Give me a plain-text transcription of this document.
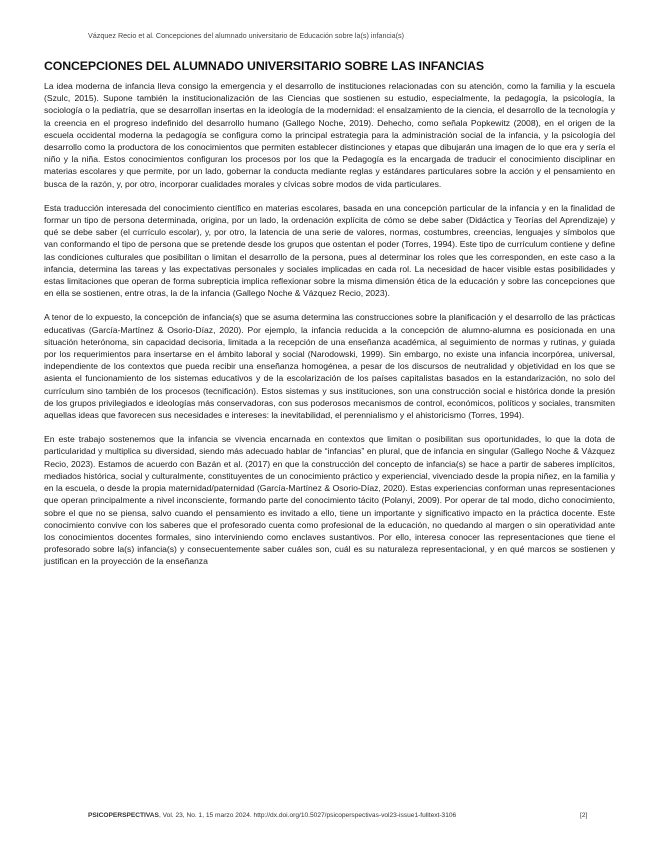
Vázquez Recio et al. Concepciones del alumnado universitario de Educación sobre la(s) infancia(s)
CONCEPCIONES DEL ALUMNADO UNIVERSITARIO SOBRE LAS INFANCIAS

La idea moderna de infancia lleva consigo la emergencia y el desarrollo de instituciones relacionadas con su atención, como la familia y la escuela (Szulc, 2015). Supone también la institucionalización de las Ciencias que sostienen su estudio, especialmente, la pedagogía, la psicología, la sociología o la pediatría, que se desarrollan insertas en la ideología de la modernidad: el ensalzamiento de la ciencia, el desarrollo de la tecnología y la creencia en el progreso indefinido del desarrollo humano (Gallego Noche, 2019). Dehecho, como señala Popkewitz (2008), en el origen de la escuela occidental moderna la pedagogía se configura como la principal estrategia para la administración social de la infancia, y la psicología del desarrollo como la productora de los conocimientos que permiten establecer distinciones y etapas que dibujarán una imagen de lo que era y sería el niño y la niña. Estos conocimientos configuran los procesos por los que la Pedagogía es la encargada de traducir el conocimiento disciplinar en materias escolares y que permite, por un lado, gobernar la conducta mediante reglas y estándares particulares sobre la acción y el pensamiento en busca de la razón, y, por otro, incorporar cualidades morales y cívicas sobre modos de vida particulares.

Esta traducción interesada del conocimiento científico en materias escolares, basada en una concepción particular de la infancia y en la finalidad de formar un tipo de persona determinada, origina, por un lado, la ordenación explícita de cómo se debe saber (Didáctica y Teorías del Aprendizaje) y qué se debe saber (el currículo escolar), y, por otro, la latencia de una serie de valores, normas, costumbres, creencias, lenguajes y símbolos que van conformando el tipo de persona que se pretende desde los grupos que ostentan el poder (Torres, 1994). Este tipo de currículum contiene y define las condiciones culturales que posibilitan o limitan el desarrollo de la persona, pues al determinar los roles que les corresponden, en este caso a la infancia, determina las tareas y las expectativas personales y sociales implicadas en cada rol. La necesidad de hacer visible estas posibilidades y estas limitaciones que operan de forma subrepticia implica reflexionar sobre la misma dimensión ética de la educación y sobre las concepciones que en ella se sostienen, entre otras, la de la infancia (Gallego Noche & Vázquez Recio, 2023).

A tenor de lo expuesto, la concepción de infancia(s) que se asuma determina las construcciones sobre la planificación y el desarrollo de las prácticas educativas (García-Martínez & Osorio-Díaz, 2020). Por ejemplo, la infancia reducida a la concepción de alumno-alumna es posicionada en una situación heterónoma, sin capacidad decisoria, limitada a la recepción de una enseñanza académica, al seguimiento de normas y rutinas, y guiada por los requerimientos para insertarse en el ámbito laboral y social (Narodowski, 1999). Sin embargo, no existe una infancia incorpórea, universal, independiente de los contextos que pueda recibir una enseñanza homogénea, a pesar de los discursos de neutralidad y objetividad en los que se asienta el funcionamiento de los sistemas educativos y de la escolarización de los países capitalistas basados en la estandarización, no solo del currículum sino también de los procesos (tecnificación). Estos sistemas y sus instituciones, son una construcción social e histórica donde la presión de los grupos privilegiados e ideologías más conservadoras, con sus poderosos mecanismos de control, económicos, políticos y sociales, transmiten aquellas ideas que favorecen sus necesidades e intereses: la inevitabilidad, el perennialismo y el ahistoricismo (Torres, 1994).

En este trabajo sostenemos que la infancia se vivencia encarnada en contextos que limitan o posibilitan sus oportunidades, lo que la dota de particularidad y multiplica su diversidad, siendo más adecuado hablar de “infancias” en plural, que de infancia en singular (Gallego Noche & Vázquez Recio, 2023). Estamos de acuerdo con Bazán et al. (2017) en que la construcción del concepto de infancia(s) se hace a partir de saberes implícitos, mediados histórica, social y culturalmente, constituyentes de un conocimiento práctico y experiencial, vivenciado desde la propia niñez, en la familia y en la escuela, o desde la propia maternidad/paternidad (García-Martínez & Osorio-Díaz, 2020). Estas experiencias conforman unas representaciones que operan principalmente a nivel inconsciente, formando parte del conocimiento tácito (Polanyi, 2009). Por operar de tal modo, dicho conocimiento, sobre el que no se piensa, salvo cuando el pensamiento es invitado a ello, tiene un importante y significativo impacto en la práctica docente. Este conocimiento convive con los saberes que el profesorado cuenta como profesional de la educación, no quedando al margen o sin operatividad ante los conocimientos docentes formales, sino interviniendo como enclaves sustantivos. Por ello, interesa conocer las representaciones que tiene el profesorado sobre la(s) infancia(s) y consecuentemente saber cuáles son, cuál es su naturaleza representacional, y en qué marcos se sostienen y justifican en la proyección de la enseñanza

PSICOPERSPECTIVAS, Vol. 23, No. 1, 15 marzo 2024. http://dx.doi.org/10.5027/psicoperspectivas-vol23-issue1-fulltext-3106	[2]
